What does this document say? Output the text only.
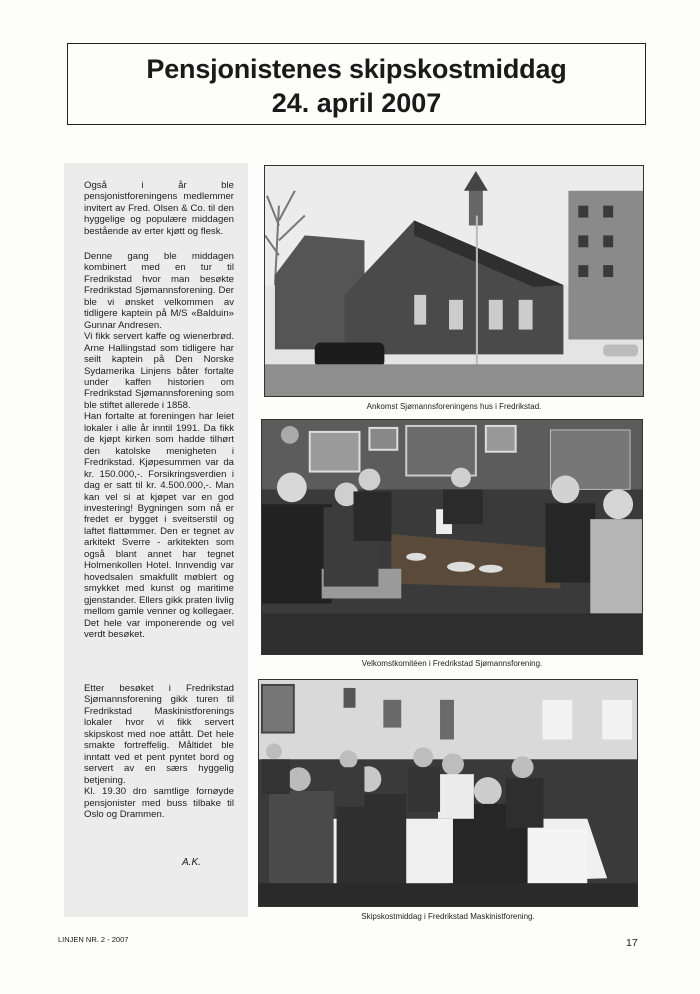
Pensjonistenes skipskostmiddag
24. april 2007
Også i år ble pensjonistforeningens medlemmer invitert av Fred. Olsen & Co. til den hyggelige og populære middagen bestående av erter kjøtt og flesk.
Denne gang ble middagen kombinert med en tur til Fredrikstad hvor man besøkte Fredrikstad Sjømannsforening. Der ble vi ønsket velkommen av tidligere kaptein på M/S «Balduin» Gunnar Andresen.
Vi fikk servert kaffe og wienerbrød. Arne Hallingstad som tidligere har seilt kaptein på Den Norske Sydamerika Linjens båter fortalte under kaffen historien om Fredrikstad Sjømannsforening som ble stiftet allerede i 1858.
Han fortalte at foreningen har leiet lokaler i alle år inntil 1991. Da fikk de kjøpt kirken som hadde tilhørt den katolske menigheten i Fredrikstad. Kjøpesummen var da kr. 150.000,-. Forsikringsverdien i dag er satt til kr. 4.500.000,-. Man kan vel si at kjøpet var en god investering! Bygningen som nå er fredet er bygget i sveitserstil og laftet flattømmer. Den er tegnet av arkitekt Sverre - arkitekten som også blant annet har tegnet Holmenkollen Hotel. Innvendig var hovedsalen smakfullt møblert og smykket med kunst og maritime gjenstander. Ellers gikk praten livlig mellom gamle venner og kollegaer. Det hele var imponerende og vel verdt besøket.
Etter besøket i Fredrikstad Sjømannsforening gikk turen til Fredrikstad Maskinistforenings lokaler hvor vi fikk servert skipskost med noe attått. Det hele smakte fortreffelig. Måltidet ble inntatt ved et pent pyntet bord og servert av en særs hyggelig betjening.
Kl. 19.30 dro samtlige fornøyde pensjonister med buss tilbake til Oslo og Drammen.
A.K.
Ankomst Sjømannsforeningens hus i Fredrikstad.
Velkomstkomitéen i Fredrikstad Sjømannsforening.
Skipskostmiddag i Fredrikstad Maskinistforening.
LINJEN NR. 2 - 2007	17
